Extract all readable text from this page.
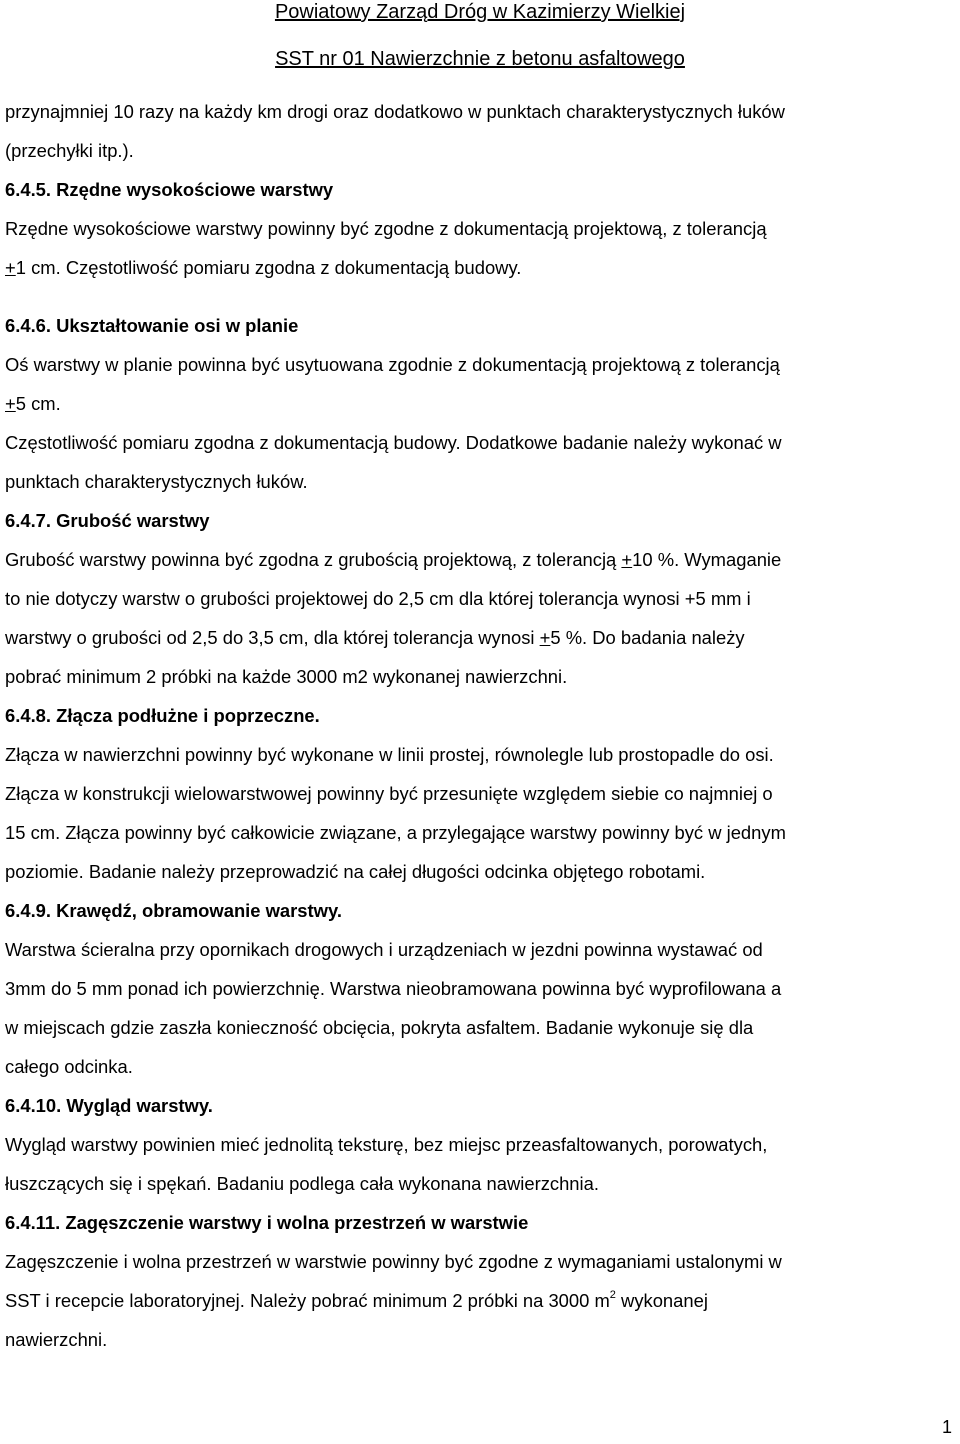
Powiatowy Zarząd Dróg w Kazimierzy Wielkiej
SST nr 01 Nawierzchnie z betonu asfaltowego

przynajmniej 10 razy na każdy km drogi oraz dodatkowo w punktach charakterystycznych łuków

(przechyłki itp.).

6.4.5. Rzędne wysokościowe warstwy

Rzędne wysokościowe warstwy powinny być zgodne z dokumentacją projektową, z tolerancją

+1 cm. Częstotliwość pomiaru zgodna z dokumentacją budowy.

6.4.6. Ukształtowanie osi w planie

Oś warstwy w planie powinna być usytuowana zgodnie z dokumentacją projektową z tolerancją

+5 cm.

Częstotliwość pomiaru zgodna z dokumentacją budowy. Dodatkowe badanie należy wykonać w

punktach charakterystycznych łuków.

6.4.7. Grubość warstwy

Grubość warstwy powinna być zgodna z grubością projektową, z tolerancją +10 %. Wymaganie

to nie dotyczy warstw o grubości projektowej do 2,5 cm dla której tolerancja wynosi +5 mm i

warstwy o grubości od 2,5 do 3,5 cm, dla której tolerancja wynosi +5 %. Do badania należy

pobrać minimum 2 próbki na każde 3000 m2 wykonanej nawierzchni.

6.4.8. Złącza podłużne i poprzeczne.

Złącza w nawierzchni powinny być wykonane w linii prostej, równolegle lub prostopadle do osi.

Złącza w konstrukcji wielowarstwowej powinny być przesunięte względem siebie co najmniej o

15 cm. Złącza powinny być całkowicie związane, a przylegające warstwy powinny być w jednym

poziomie. Badanie należy przeprowadzić na całej długości odcinka objętego robotami.

6.4.9. Krawędź, obramowanie warstwy.

Warstwa ścieralna przy opornikach drogowych i urządzeniach w jezdni powinna wystawać od

3mm do 5 mm ponad ich powierzchnię. Warstwa nieobramowana powinna być wyprofilowana a

w miejscach gdzie zaszła konieczność obcięcia, pokryta asfaltem. Badanie wykonuje się dla

całego odcinka.

6.4.10. Wygląd warstwy.

Wygląd warstwy powinien mieć jednolitą teksturę, bez miejsc przeasfaltowanych, porowatych,

łuszczących się i spękań. Badaniu podlega cała wykonana nawierzchnia.

6.4.11. Zagęszczenie warstwy i wolna przestrzeń w warstwie

Zagęszczenie i wolna przestrzeń w warstwie powinny być zgodne z wymaganiami ustalonymi w

SST i recepcie laboratoryjnej. Należy pobrać minimum 2 próbki na 3000 $m^2$ wykonanej

nawierzchni.

1
